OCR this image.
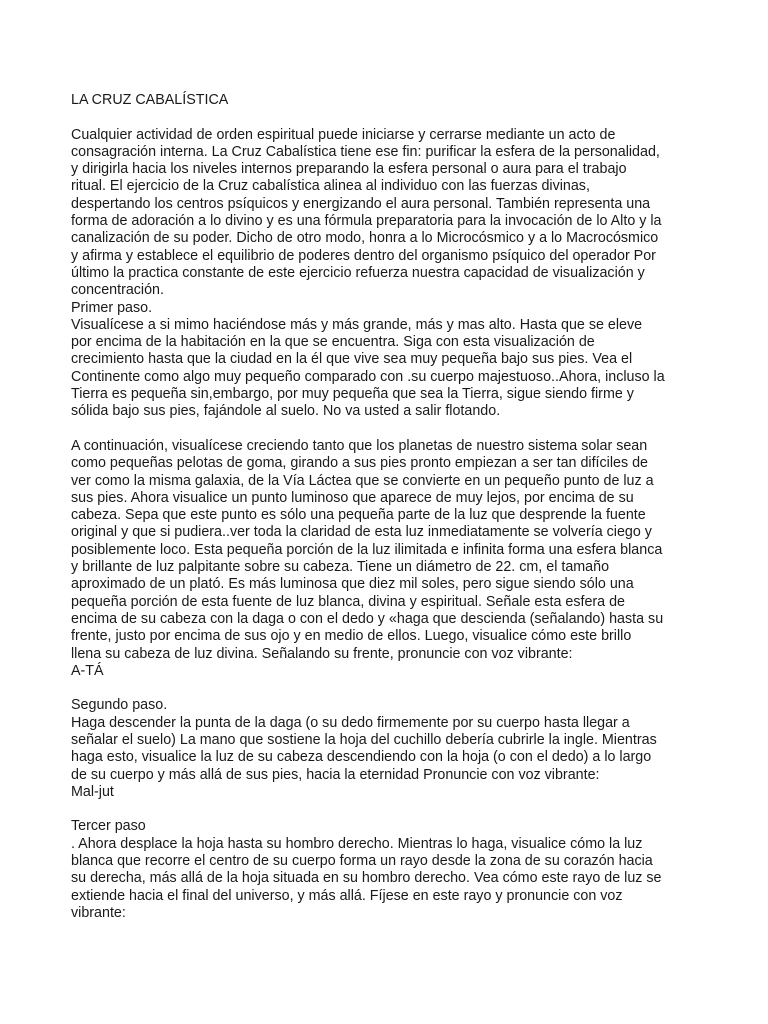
LA CRUZ CABALÍSTICA

Cualquier actividad de orden espiritual puede iniciarse y cerrarse mediante un acto de
consagración interna. La Cruz Cabalística tiene ese fin: purificar la esfera de la personalidad,
y dirigirla hacia los niveles internos preparando la esfera personal o aura para el trabajo
ritual. El ejercicio de la Cruz cabalística alinea al individuo con las fuerzas divinas,
despertando los centros psíquicos y energizando el aura personal. También representa una
forma de adoración a lo divino y es una fórmula preparatoria para la invocación de lo Alto y la
canalización de su poder. Dicho de otro modo, honra a lo Microcósmico y a lo Macrocósmico
y afirma y establece el equilibrio de poderes dentro del organismo psíquico del operador Por
último la practica constante de este ejercicio refuerza nuestra capacidad de visualización y
concentración.

Primer paso.

Visualícese a si mimo haciéndose más y más grande, más y mas alto. Hasta que se eleve
por encima de la habitación en la que se encuentra. Siga con esta visualización de
crecimiento hasta que la ciudad en la él que vive sea muy pequeña bajo sus pies. Vea el
Continente como algo muy pequeño comparado con .su cuerpo majestuoso..Ahora, incluso la
Tierra es pequeña sin,embargo, por muy pequeña que sea la Tierra, sigue siendo firme y
sólida bajo sus pies, fajándole al suelo. No va usted a salir flotando.

A continuación, visualícese creciendo tanto que los planetas de nuestro sistema solar sean
como pequeñas pelotas de goma, girando a sus pies pronto empiezan a ser tan difíciles de
ver como la misma galaxia, de la Vía Láctea que se convierte en un pequeño punto de luz a
sus pies. Ahora visualice un punto luminoso que aparece de muy lejos, por encima de su
cabeza. Sepa que este punto es sólo una pequeña parte de la luz que desprende la fuente
original y que si pudiera..ver toda la claridad de esta luz inmediatamente se volvería ciego y
posiblemente loco. Esta pequeña porción de la luz ilimitada e infinita forma una esfera blanca
y brillante de luz palpitante sobre su cabeza. Tiene un diámetro de 22. cm, el tamaño
aproximado de un plató. Es más luminosa que diez mil soles, pero sigue siendo sólo una
pequeña porción de esta fuente de luz blanca, divina y espiritual. Señale esta esfera de
encima de su cabeza con la daga o con el dedo y «haga que descienda (señalando) hasta su
frente, justo por encima de sus ojo y en medio de ellos. Luego, visualice cómo este brillo
llena su cabeza de luz divina. Señalando su frente, pronuncie con voz vibrante:

A-TÁ

Segundo paso.

Haga descender la punta de la daga (o su dedo firmemente por su cuerpo hasta llegar a
señalar el suelo) La mano que sostiene la hoja del cuchillo debería cubrirle la ingle. Mientras
haga esto, visualice la luz de su cabeza descendiendo con la hoja (o con el dedo) a lo largo
de su cuerpo y más allá de sus pies, hacia la eternidad Pronuncie con voz vibrante:

Mal-jut

Tercer paso

. Ahora desplace la hoja hasta su hombro derecho. Mientras lo haga, visualice cómo la luz
blanca que recorre el centro de su cuerpo forma un rayo desde la zona de su corazón hacia
su derecha, más allá de la hoja situada en su hombro derecho. Vea cómo este rayo de luz se
extiende hacia el final del universo, y más allá. Fíjese en este rayo y pronuncie con voz
vibrante:
